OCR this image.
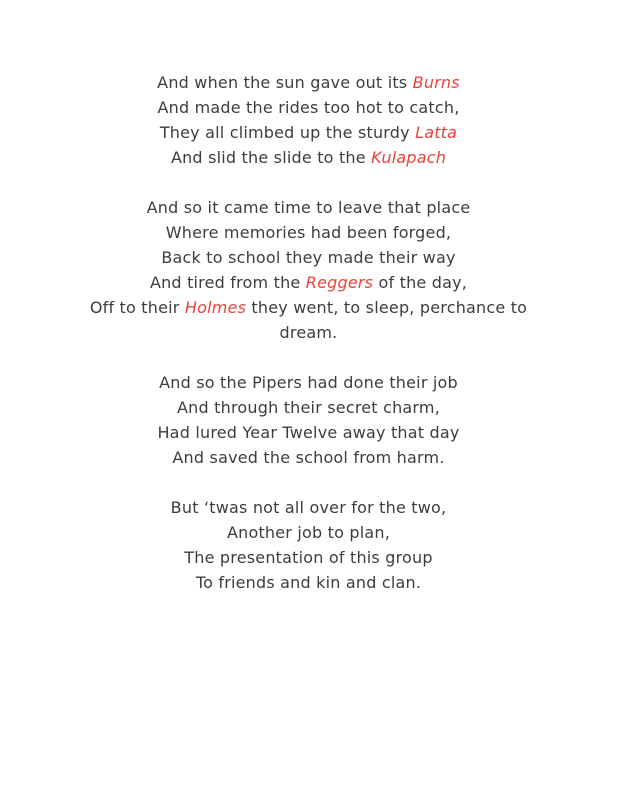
And when the sun gave out its Burns
And made the rides too hot to catch,
They all climbed up the sturdy Latta
And slid the slide to the Kulapach
And so it came time to leave that place
Where memories had been forged,
Back to school they made their way
And tired from the Reggers of the day,
Off to their Holmes they went, to sleep, perchance to
dream.
And so the Pipers had done their job
And through their secret charm,
Had lured Year Twelve away that day
And saved the school from harm.
But ‘twas not all over for the two,
Another job to plan,
The presentation of this group
To friends and kin and clan.
